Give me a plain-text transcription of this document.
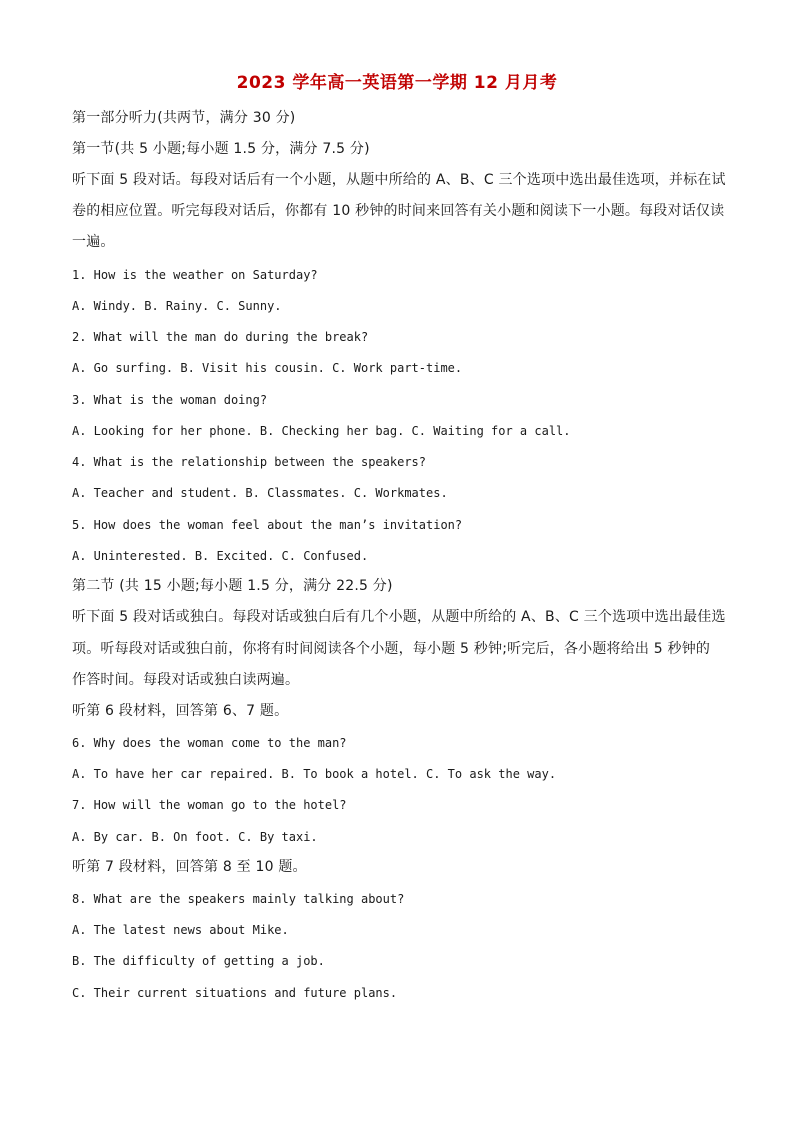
2023 学年高一英语第一学期 12 月月考
第一部分听力(共两节，满分 30 分)
第一节(共 5 小题;每小题 1.5 分，满分 7.5 分)
听下面 5 段对话。每段对话后有一个小题，从题中所给的 A、B、C 三个选项中选出最佳选项，并标在试
卷的相应位置。听完每段对话后，你都有 10 秒钟的时间来回答有关小题和阅读下一小题。每段对话仅读
一遍。
1. How is the weather on Saturday?
A. Windy. B. Rainy. C. Sunny.
2. What will the man do during the break?
A. Go surfing. B. Visit his cousin. C. Work part-time.
3. What is the woman doing?
A. Looking for her phone. B. Checking her bag. C. Waiting for a call.
4. What is the relationship between the speakers?
A. Teacher and student. B. Classmates. C. Workmates.
5. How does the woman feel about the man’s invitation?
A. Uninterested. B. Excited. C. Confused.
第二节 (共 15 小题;每小题 1.5 分，满分 22.5 分)
听下面 5 段对话或独白。每段对话或独白后有几个小题，从题中所给的 A、B、C 三个选项中选出最佳选
项。听每段对话或独白前，你将有时间阅读各个小题，每小题 5 秒钟;听完后，各小题将给出 5 秒钟的
作答时间。每段对话或独白读两遍。
听第 6 段材料，回答第 6、7 题。
6. Why does the woman come to the man?
A. To have her car repaired. B. To book a hotel. C. To ask the way.
7. How will the woman go to the hotel?
A. By car. B. On foot. C. By taxi.
听第 7 段材料，回答第 8 至 10 题。
8. What are the speakers mainly talking about?
A. The latest news about Mike.
B. The difficulty of getting a job.
C. Their current situations and future plans.
